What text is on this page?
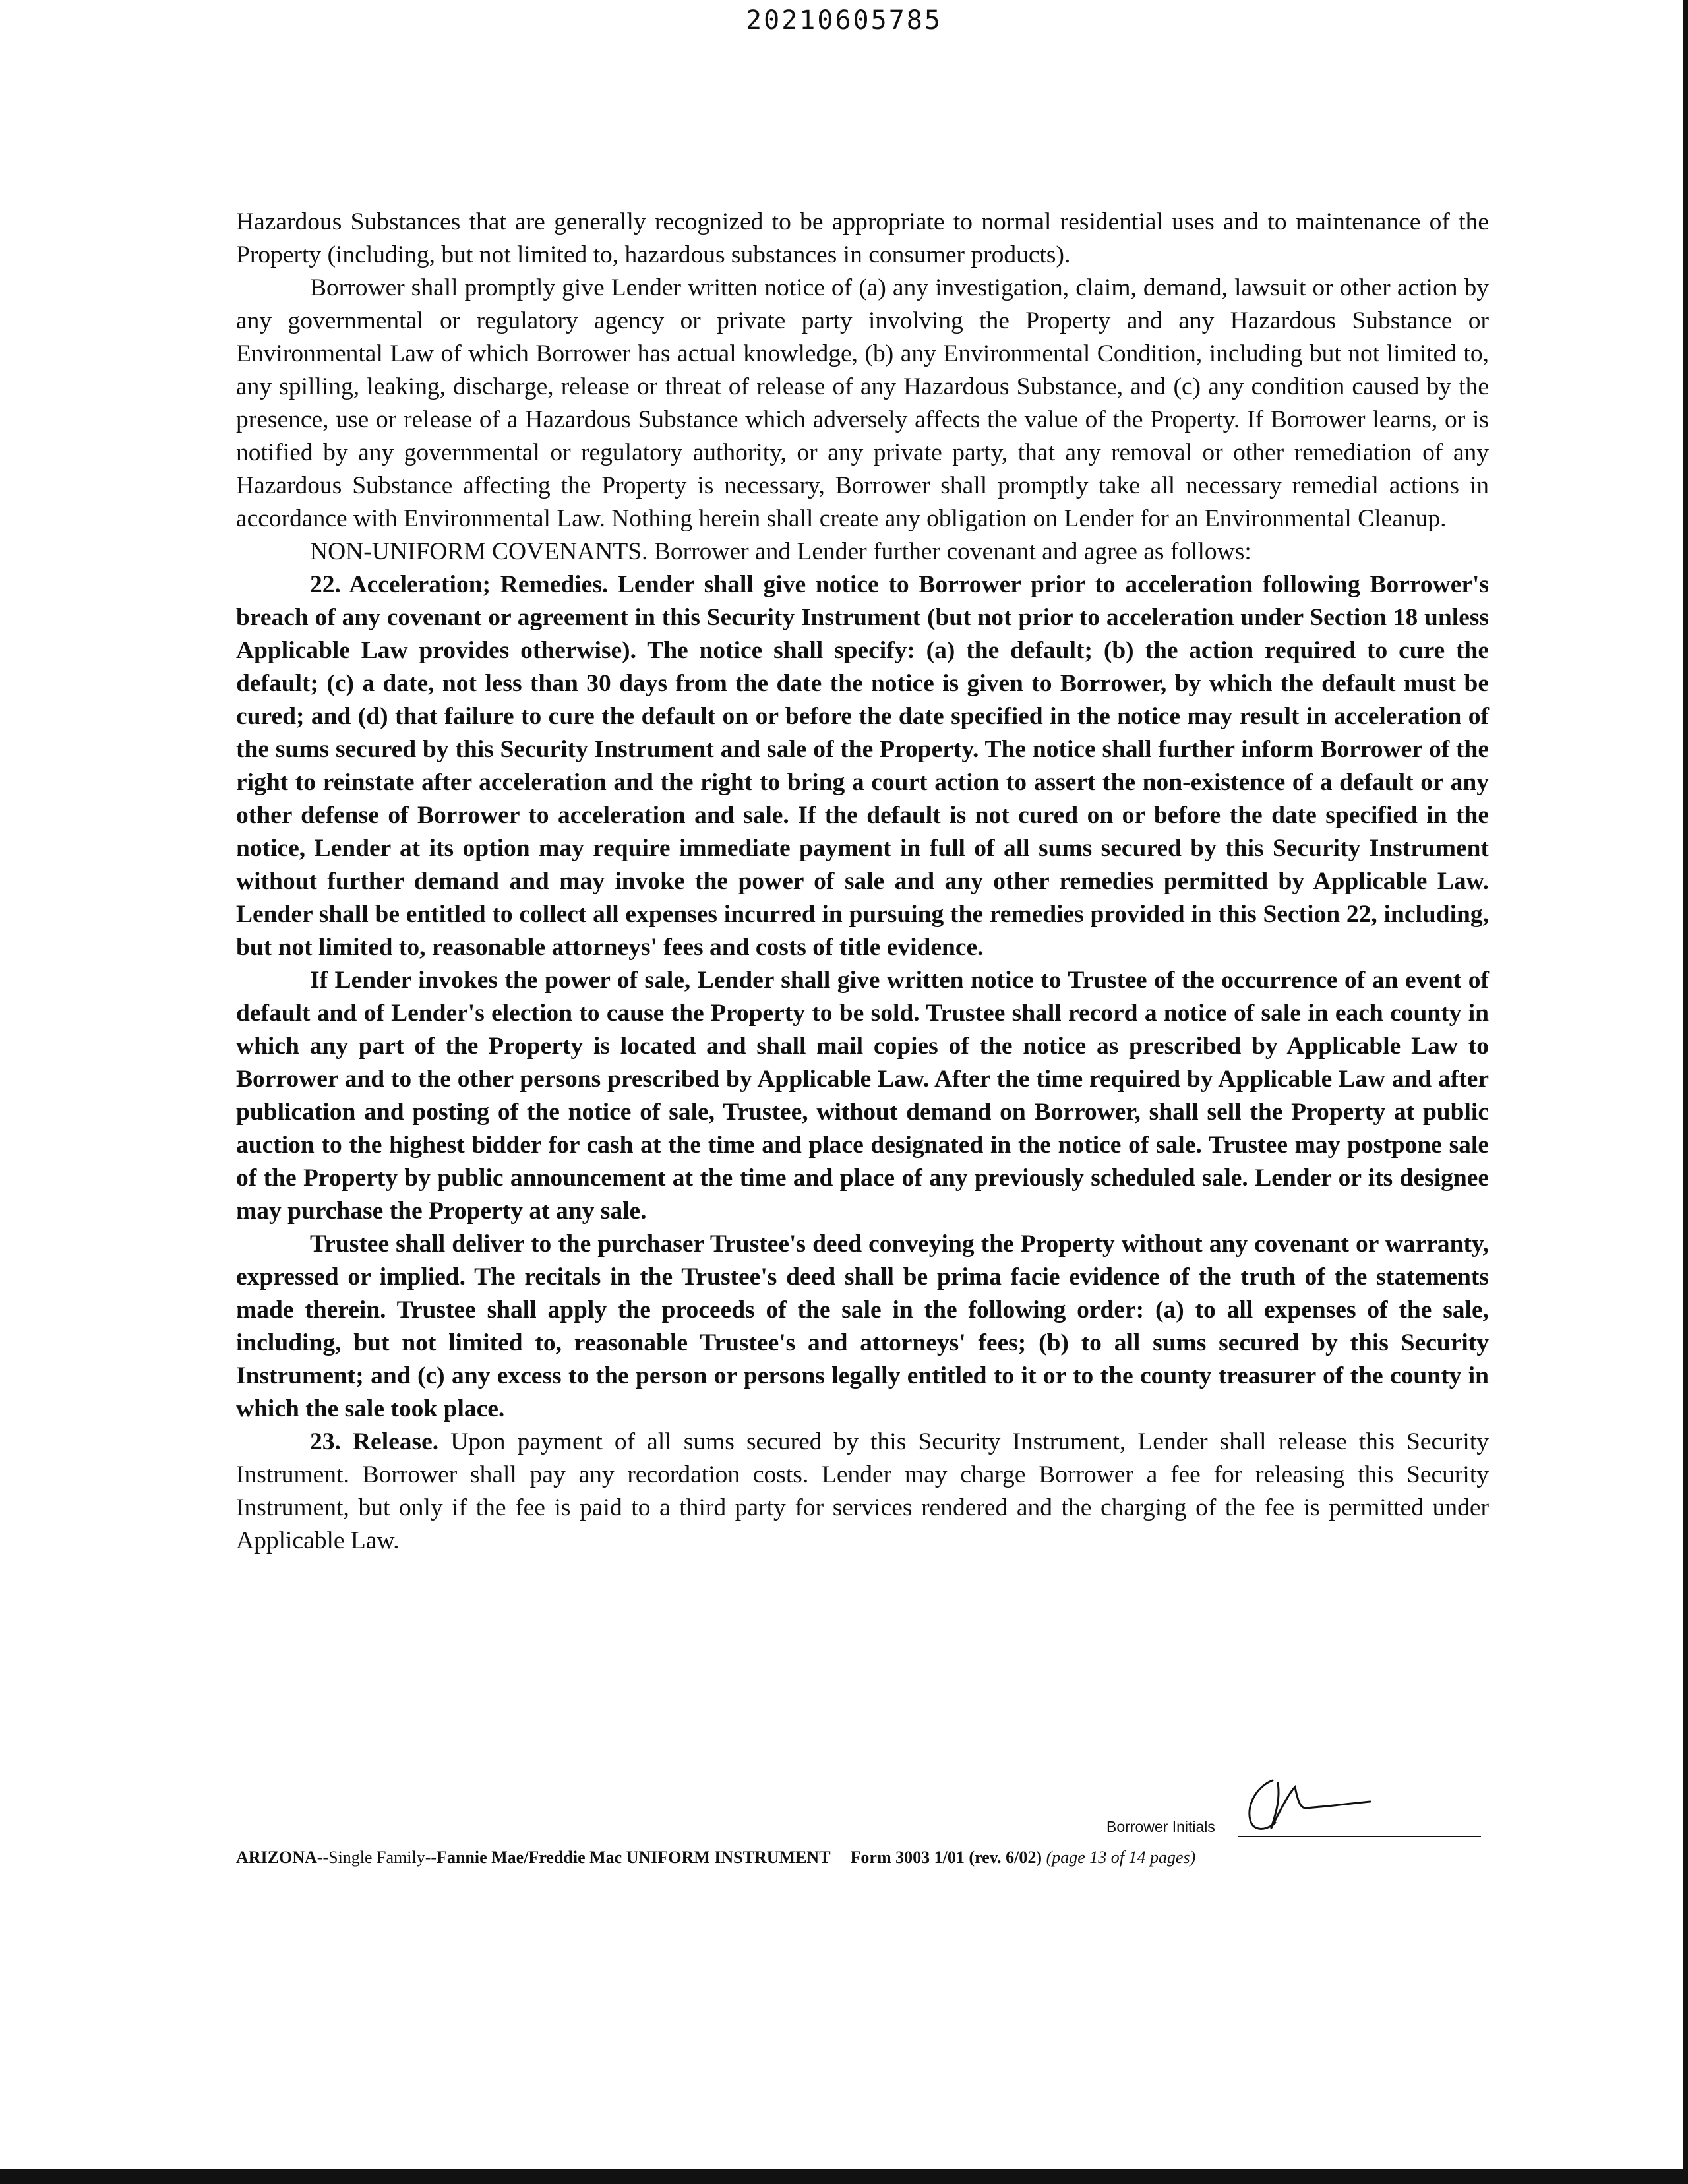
20210605785

Hazardous Substances that are generally recognized to be appropriate to normal residential uses and to maintenance of the Property (including, but not limited to, hazardous substances in consumer products).

Borrower shall promptly give Lender written notice of (a) any investigation, claim, demand, lawsuit or other action by any governmental or regulatory agency or private party involving the Property and any Hazardous Substance or Environmental Law of which Borrower has actual knowledge, (b) any Environmental Condition, including but not limited to, any spilling, leaking, discharge, release or threat of release of any Hazardous Substance, and (c) any condition caused by the presence, use or release of a Hazardous Substance which adversely affects the value of the Property. If Borrower learns, or is notified by any governmental or regulatory authority, or any private party, that any removal or other remediation of any Hazardous Substance affecting the Property is necessary, Borrower shall promptly take all necessary remedial actions in accordance with Environmental Law. Nothing herein shall create any obligation on Lender for an Environmental Cleanup.

NON-UNIFORM COVENANTS. Borrower and Lender further covenant and agree as follows:

22. Acceleration; Remedies. Lender shall give notice to Borrower prior to acceleration following Borrower's breach of any covenant or agreement in this Security Instrument (but not prior to acceleration under Section 18 unless Applicable Law provides otherwise). The notice shall specify: (a) the default; (b) the action required to cure the default; (c) a date, not less than 30 days from the date the notice is given to Borrower, by which the default must be cured; and (d) that failure to cure the default on or before the date specified in the notice may result in acceleration of the sums secured by this Security Instrument and sale of the Property. The notice shall further inform Borrower of the right to reinstate after acceleration and the right to bring a court action to assert the non-existence of a default or any other defense of Borrower to acceleration and sale. If the default is not cured on or before the date specified in the notice, Lender at its option may require immediate payment in full of all sums secured by this Security Instrument without further demand and may invoke the power of sale and any other remedies permitted by Applicable Law. Lender shall be entitled to collect all expenses incurred in pursuing the remedies provided in this Section 22, including, but not limited to, reasonable attorneys' fees and costs of title evidence.

If Lender invokes the power of sale, Lender shall give written notice to Trustee of the occurrence of an event of default and of Lender's election to cause the Property to be sold. Trustee shall record a notice of sale in each county in which any part of the Property is located and shall mail copies of the notice as prescribed by Applicable Law to Borrower and to the other persons prescribed by Applicable Law. After the time required by Applicable Law and after publication and posting of the notice of sale, Trustee, without demand on Borrower, shall sell the Property at public auction to the highest bidder for cash at the time and place designated in the notice of sale. Trustee may postpone sale of the Property by public announcement at the time and place of any previously scheduled sale. Lender or its designee may purchase the Property at any sale.

Trustee shall deliver to the purchaser Trustee's deed conveying the Property without any covenant or warranty, expressed or implied. The recitals in the Trustee's deed shall be prima facie evidence of the truth of the statements made therein. Trustee shall apply the proceeds of the sale in the following order: (a) to all expenses of the sale, including, but not limited to, reasonable Trustee's and attorneys' fees; (b) to all sums secured by this Security Instrument; and (c) any excess to the person or persons legally entitled to it or to the county treasurer of the county in which the sale took place.

23. Release. Upon payment of all sums secured by this Security Instrument, Lender shall release this Security Instrument. Borrower shall pay any recordation costs. Lender may charge Borrower a fee for releasing this Security Instrument, but only if the fee is paid to a third party for services rendered and the charging of the fee is permitted under Applicable Law.

Borrower Initials
ARIZONA--Single Family--Fannie Mae/Freddie Mac UNIFORM INSTRUMENT Form 3003 1/01 (rev. 6/02) (page 13 of 14 pages)
